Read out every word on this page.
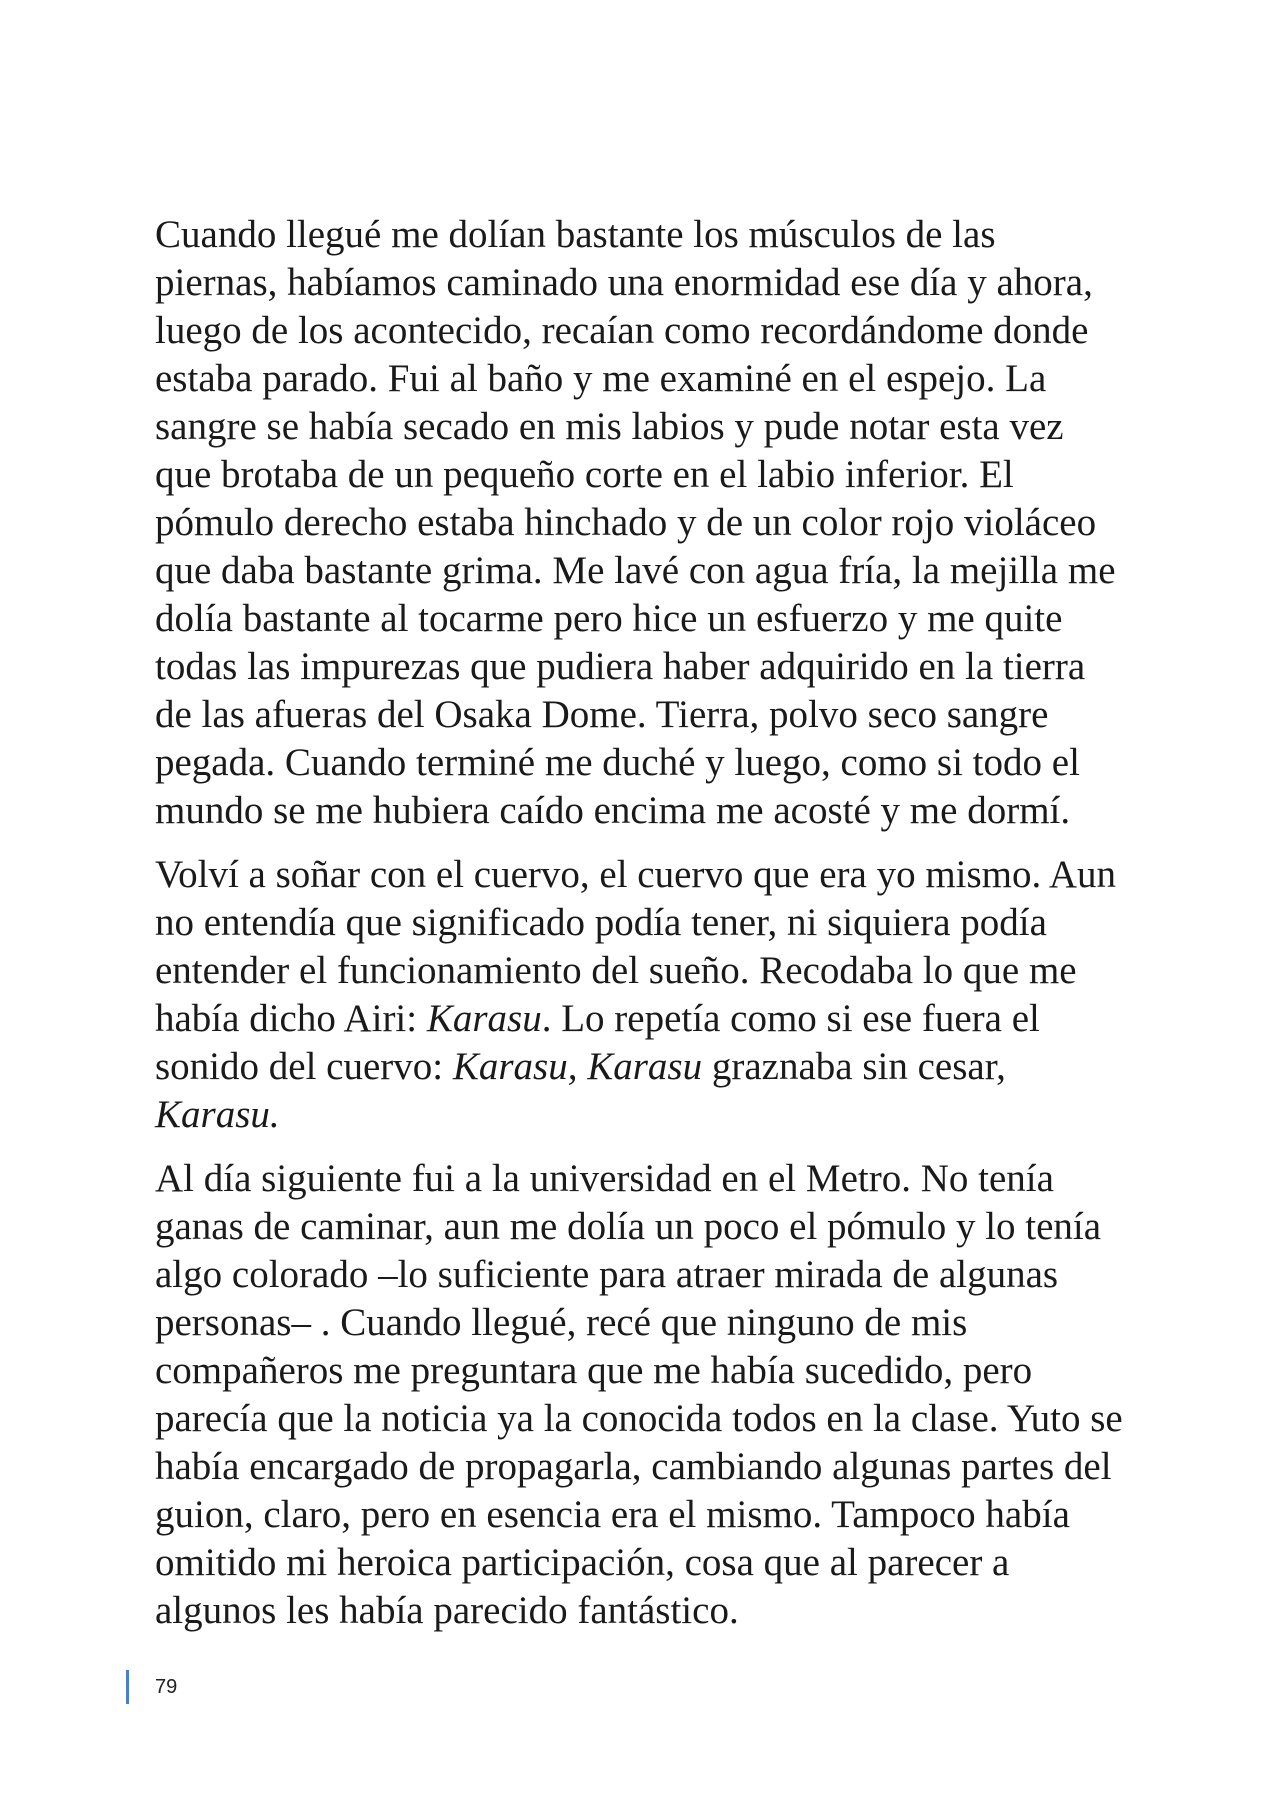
Cuando llegué me dolían bastante los músculos de las piernas, habíamos caminado una enormidad ese día y ahora, luego de los acontecido, recaían como recordándome donde estaba parado. Fui al baño y me examiné en el espejo. La sangre se había secado en mis labios y pude notar esta vez que brotaba de un pequeño corte en el labio inferior. El pómulo derecho estaba hinchado y de un color rojo violáceo que daba bastante grima. Me lavé con agua fría, la mejilla me dolía bastante al tocarme pero hice un esfuerzo y me quite todas las impurezas que pudiera haber adquirido en la tierra de las afueras del Osaka Dome. Tierra, polvo seco sangre pegada. Cuando terminé me duché y luego, como si todo el mundo se me hubiera caído encima me acosté y me dormí.

Volví a soñar con el cuervo, el cuervo que era yo mismo. Aun no entendía que significado podía tener, ni siquiera podía entender el funcionamiento del sueño. Recodaba lo que me había dicho Airi: Karasu. Lo repetía como si ese fuera el sonido del cuervo: Karasu, Karasu graznaba sin cesar, Karasu.

Al día siguiente fui a la universidad en el Metro. No tenía ganas de caminar, aun me dolía un poco el pómulo y lo tenía algo colorado –lo suficiente para atraer mirada de algunas personas– . Cuando llegué, recé que ninguno de mis compañeros me preguntara que me había sucedido, pero parecía que la noticia ya la conocida todos en la clase. Yuto se había encargado de propagarla, cambiando algunas partes del guion, claro, pero en esencia era el mismo. Tampoco había omitido mi heroica participación, cosa que al parecer a algunos les había parecido fantástico.

79
